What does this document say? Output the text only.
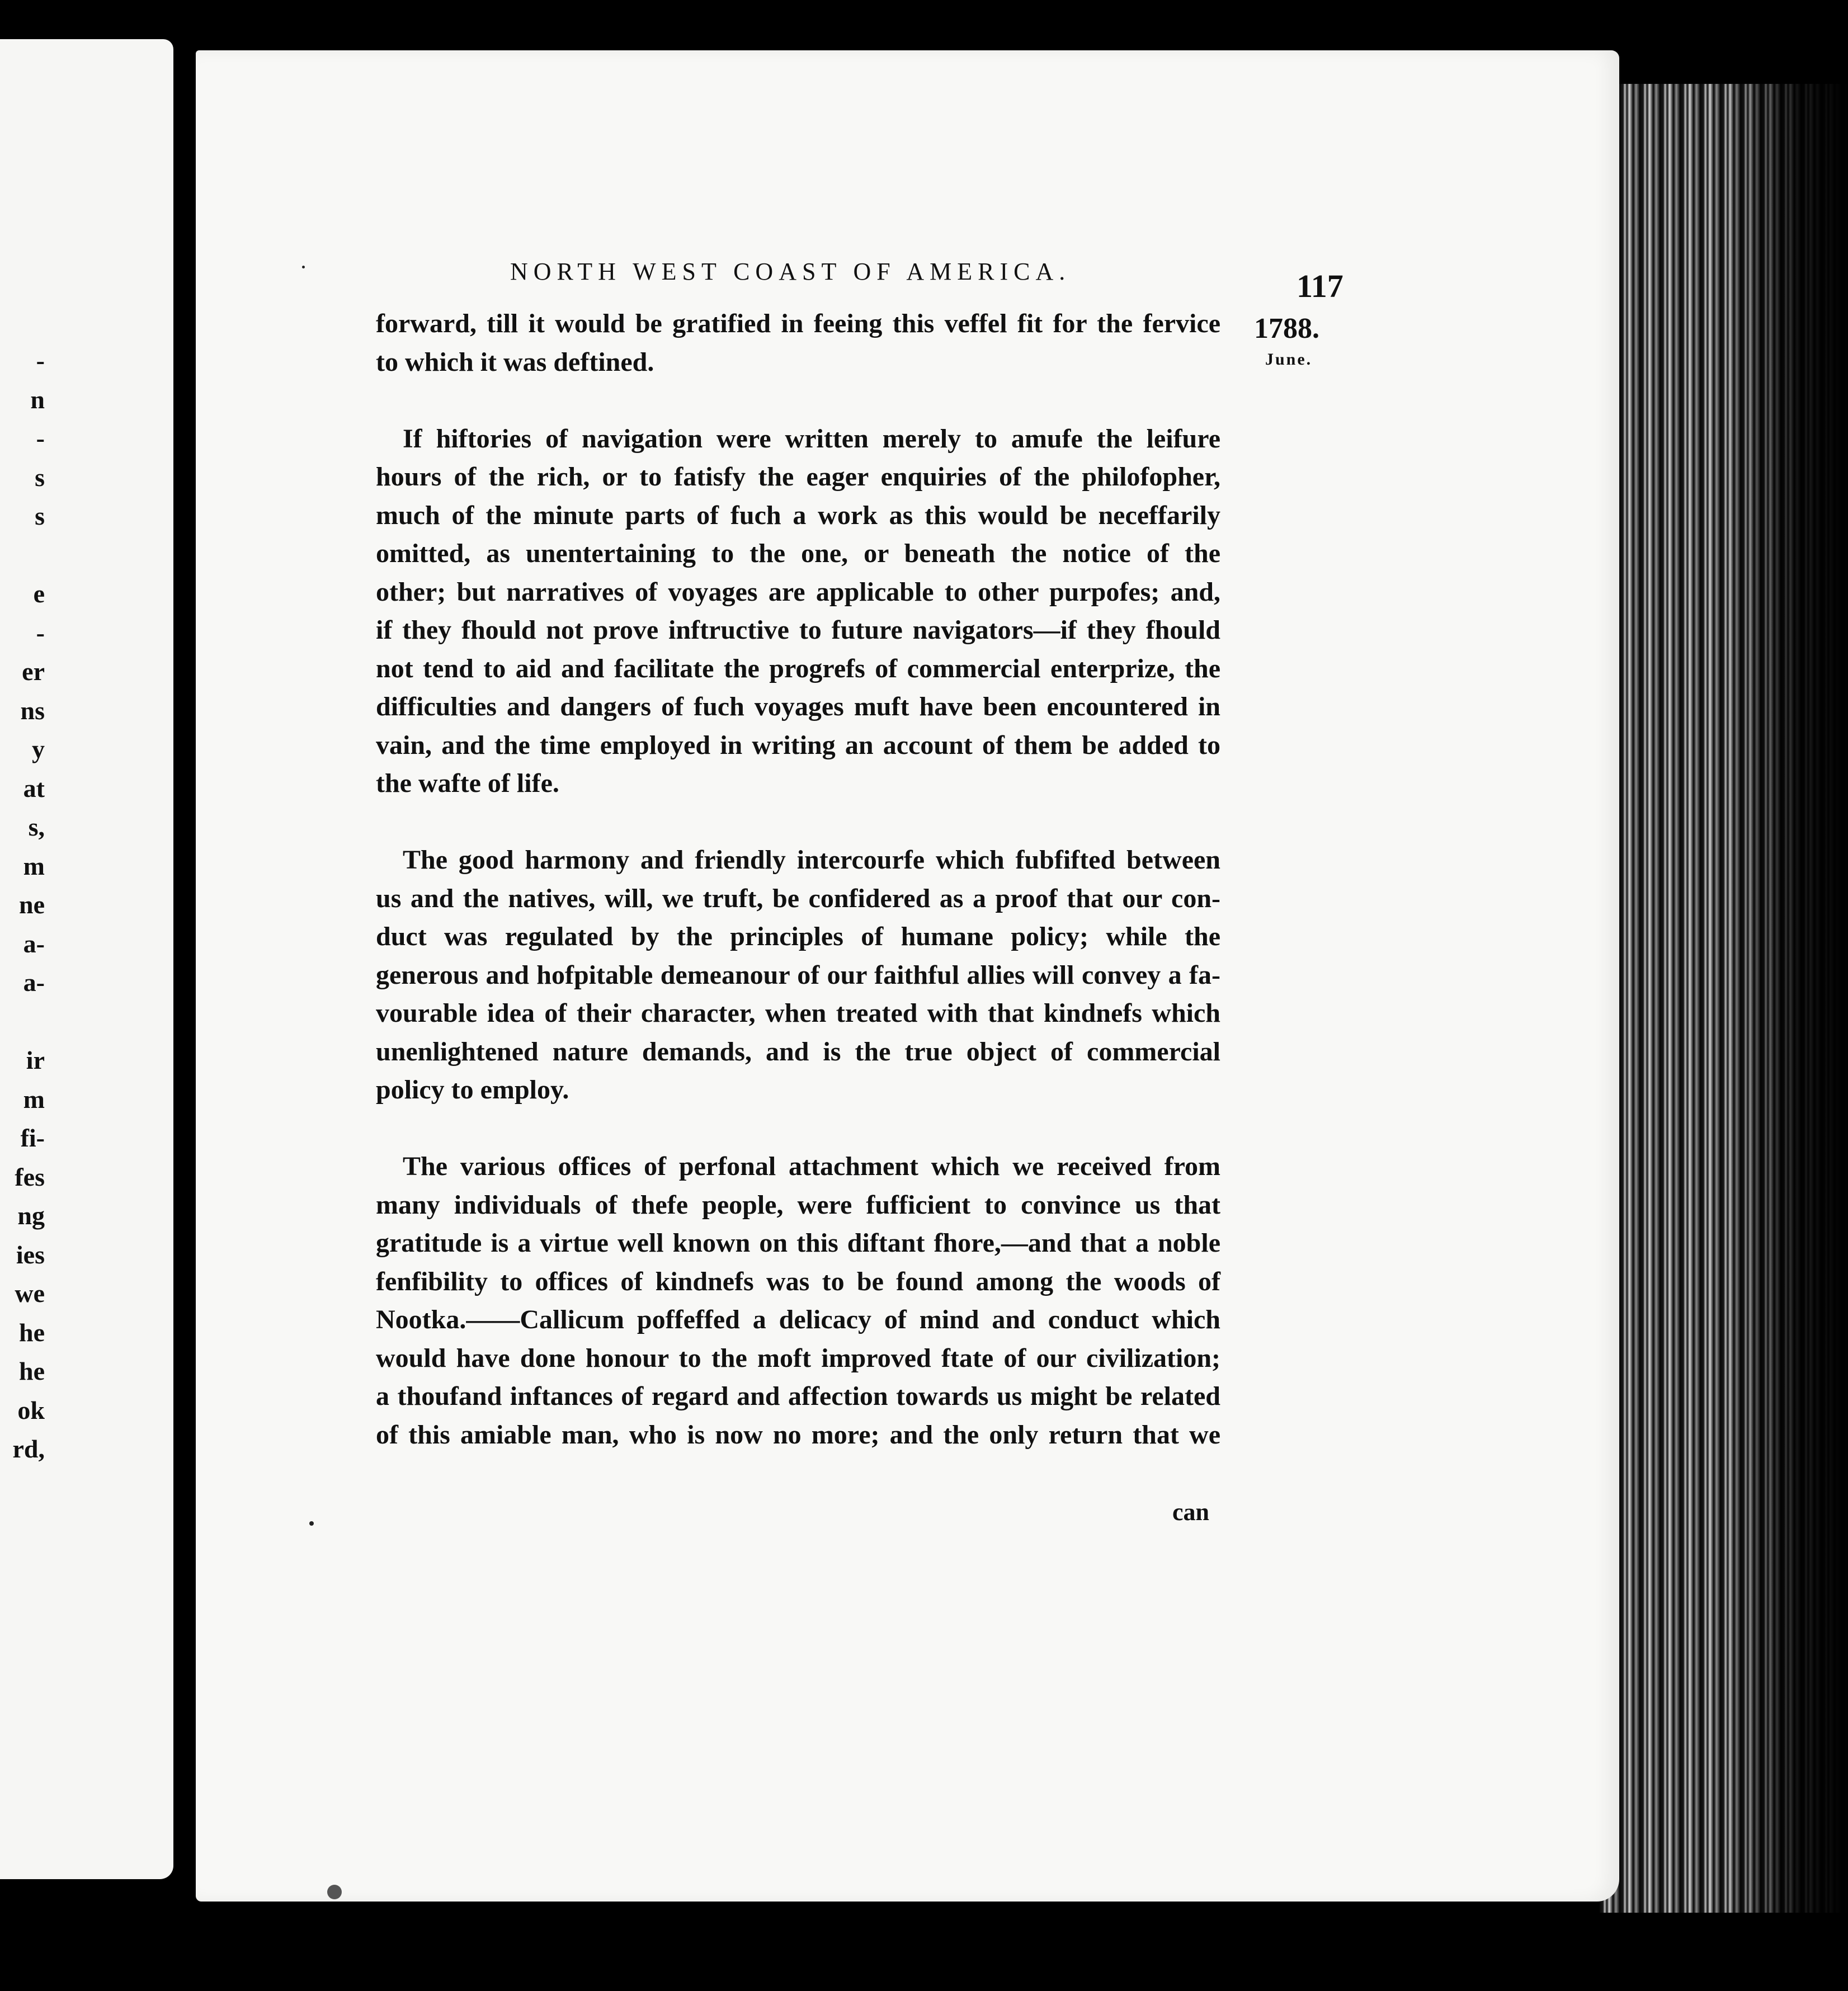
-
n
-
s
s
e
-
er
ns
y
at
s,
m
ne
a-
a-
ir
m
fi-
fes
ng
ies
we
he
he
ok
rd,
NORTH WEST COAST OF AMERICA.	117
1788.
June.
forward, till it would be gratified in feeing this veffel fit for the fervice
to which it was deftined.
If hiftories of navigation were written merely to amufe the leifure
hours of the rich, or to fatisfy the eager enquiries of the philofopher,
much of the minute parts of fuch a work as this would be neceffarily
omitted, as unentertaining to the one, or beneath the notice of the
other; but narratives of voyages are applicable to other purpofes; and,
if they fhould not prove inftructive to future navigators—if they fhould
not tend to aid and facilitate the progrefs of commercial enterprize, the
difficulties and dangers of fuch voyages muft have been encountered in
vain, and the time employed in writing an account of them be added to
the wafte of life.
The good harmony and friendly intercourfe which fubfifted between
us and the natives, will, we truft, be confidered as a proof that our con-
duct was regulated by the principles of humane policy; while the
generous and hofpitable demeanour of our faithful allies will convey a fa-
vourable idea of their character, when treated with that kindnefs which
unenlightened nature demands, and is the true object of commercial
policy to employ.
The various offices of perfonal attachment which we received from
many individuals of thefe people, were fufficient to convince us that
gratitude is a virtue well known on this diftant fhore,—and that a noble
fenfibility to offices of kindnefs was to be found among the woods of
Nootka.——Callicum poffeffed a delicacy of mind and conduct which
would have done honour to the moft improved ftate of our civilization;
a thoufand inftances of regard and affection towards us might be related
of this amiable man, who is now no more; and the only return that we
can
